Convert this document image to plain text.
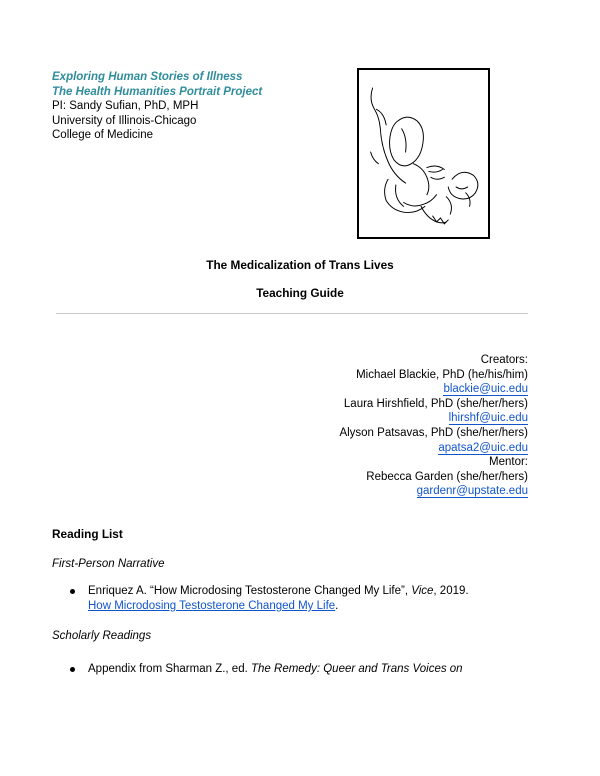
Exploring Human Stories of Illness
The Health Humanities Portrait Project
PI: Sandy Sufian, PhD, MPH
University of Illinois-Chicago
College of Medicine
The Medicalization of Trans Lives
Teaching Guide
Creators:
Michael Blackie, PhD (he/his/him)
blackie@uic.edu
Laura Hirshfield, PhD (she/her/hers)
lhirshf@uic.edu
Alyson Patsavas, PhD (she/her/hers)
apatsa2@uic.edu
Mentor:
Rebecca Garden (she/her/hers)
gardenr@upstate.edu
Reading List
First-Person Narrative
Enriquez A. “How Microdosing Testosterone Changed My Life”, Vice, 2019.
How Microdosing Testosterone Changed My Life.
Scholarly Readings
Appendix from Sharman Z., ed. The Remedy: Queer and Trans Voices on
